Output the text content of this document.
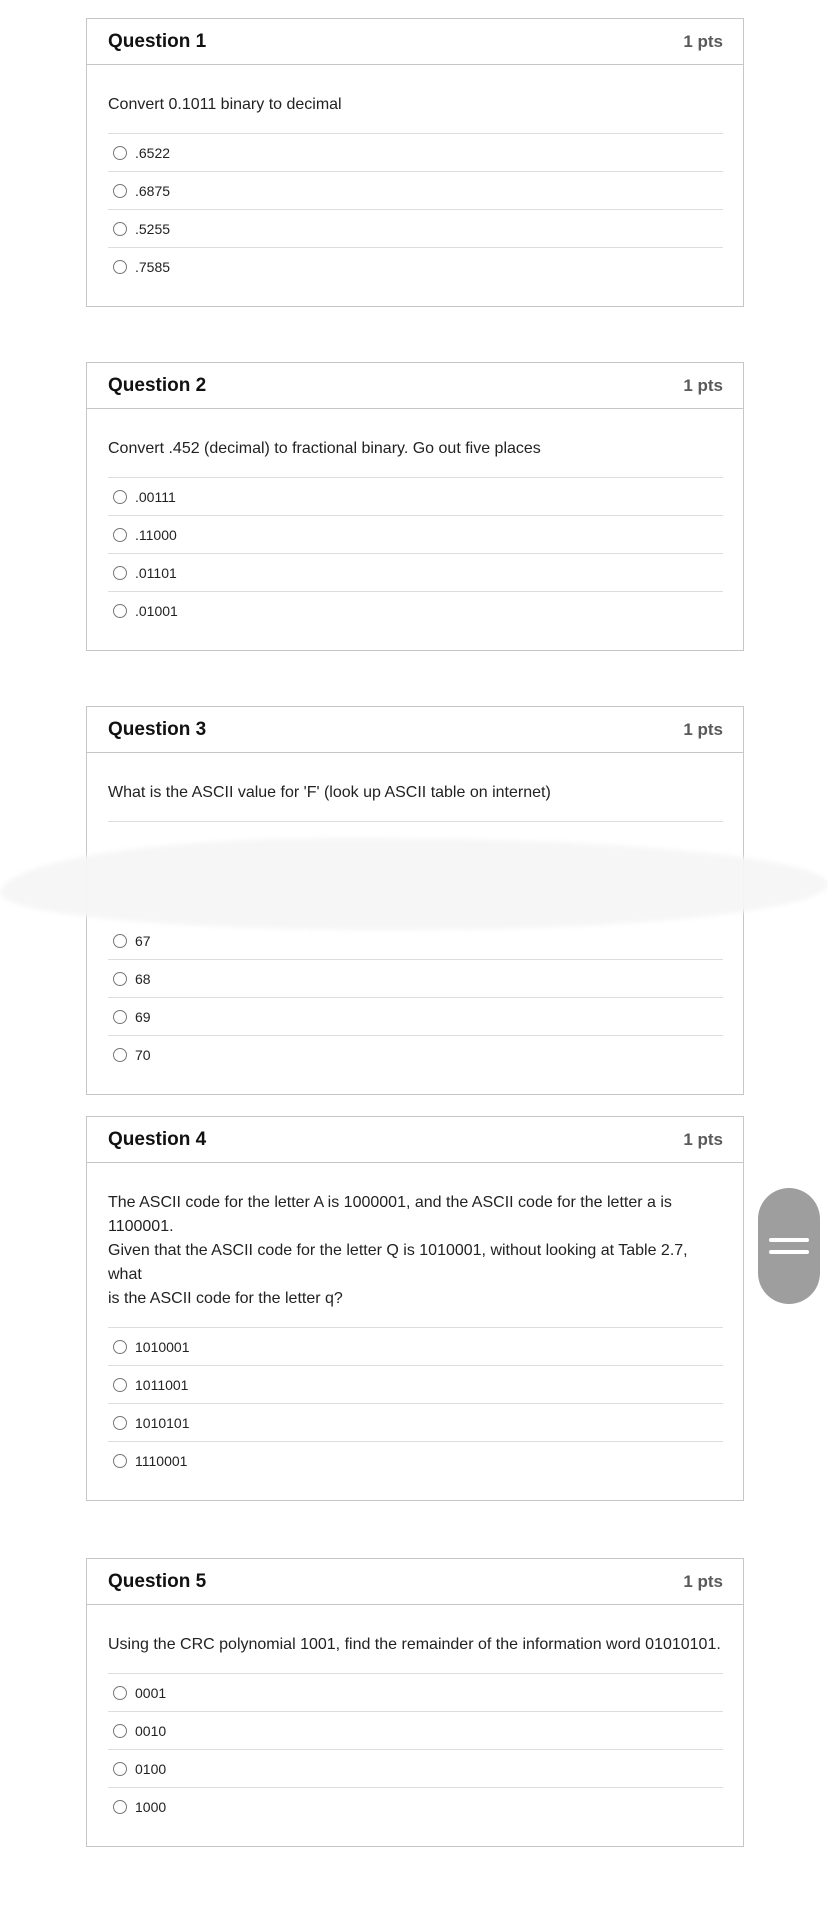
Question 1	1 pts

Convert 0.1011 binary to decimal

.6522
.6875
.5255
.7585
Question 2	1 pts

Convert .452 (decimal) to fractional binary. Go out five places

.00111
.11000
.01101
.01001
Question 3	1 pts

What is the ASCII value for 'F' (look up ASCII table on internet)

67
68
69
70
Question 4	1 pts

The ASCII code for the letter A is 1000001, and the ASCII code for the letter a is 1100001.
Given that the ASCII code for the letter Q is 1010001, without looking at Table 2.7, what
is the ASCII code for the letter q?

1010001
1011001
1010101
1110001
Question 5	1 pts

Using the CRC polynomial 1001, find the remainder of the information word 01010101.

0001
0010
0100
1000
